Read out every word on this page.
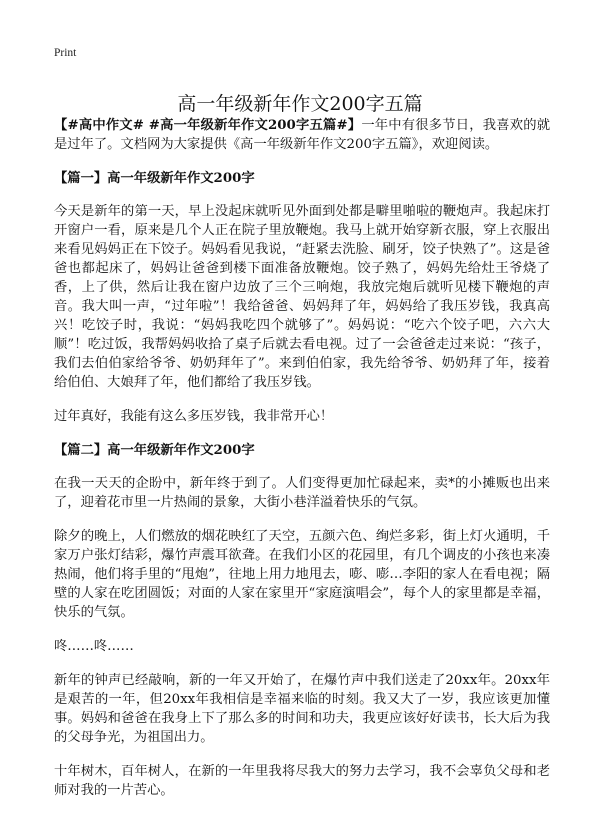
Print
高一年级新年作文200字五篇

【#高中作文# #高一年级新年作文200字五篇#】一年中有很多节日，我喜欢的就是过年了。文档网为大家提供《高一年级新年作文200字五篇》，欢迎阅读。

【篇一】高一年级新年作文200字

今天是新年的第一天，早上没起床就听见外面到处都是噼里啪啦的鞭炮声。我起床打开窗户一看，原来是几个人正在院子里放鞭炮。我马上就开始穿新衣服，穿上衣服出来看见妈妈正在下饺子。妈妈看见我说，“赶紧去洗脸、刷牙，饺子快熟了”。这是爸爸也都起床了，妈妈让爸爸到楼下面准备放鞭炮。饺子熟了，妈妈先给灶王爷烧了香，上了供，然后让我在窗户边放了三个三响炮，我放完炮后就听见楼下鞭炮的声音。我大叫一声，“过年啦”！我给爸爸、妈妈拜了年，妈妈给了我压岁钱，我真高兴！吃饺子时，我说：“妈妈我吃四个就够了”。妈妈说：“吃六个饺子吧，六六大顺”！吃过饭，我帮妈妈收拾了桌子后就去看电视。过了一会爸爸走过来说：“孩子，我们去伯伯家给爷爷、奶奶拜年了”。来到伯伯家，我先给爷爷、奶奶拜了年，接着给伯伯、大娘拜了年，他们都给了我压岁钱。

过年真好，我能有这么多压岁钱，我非常开心！

【篇二】高一年级新年作文200字

在我一天天的企盼中，新年终于到了。人们变得更加忙碌起来，卖*的小摊贩也出来了，迎着花市里一片热闹的景象，大街小巷洋溢着快乐的气氛。

除夕的晚上，人们燃放的烟花映红了天空，五颜六色、绚烂多彩，街上灯火通明，千家万户张灯结彩，爆竹声震耳欲聋。在我们小区的花园里，有几个调皮的小孩也来凑热闹，他们将手里的“甩炮”，往地上用力地甩去，嘭、嘭…李阳的家人在看电视；隔壁的人家在吃团圆饭；对面的人家在家里开“家庭演唱会”，每个人的家里都是幸福，快乐的气氛。

咚……咚……

新年的钟声已经敲响，新的一年又开始了，在爆竹声中我们送走了20xx年。20xx年是艰苦的一年，但20xx年我相信是幸福来临的时刻。我又大了一岁，我应该更加懂事。妈妈和爸爸在我身上下了那么多的时间和功夫，我更应该好好读书，长大后为我的父母争光，为祖国出力。

十年树木，百年树人，在新的一年里我将尽我大的努力去学习，我不会辜负父母和老师对我的一片苦心。
